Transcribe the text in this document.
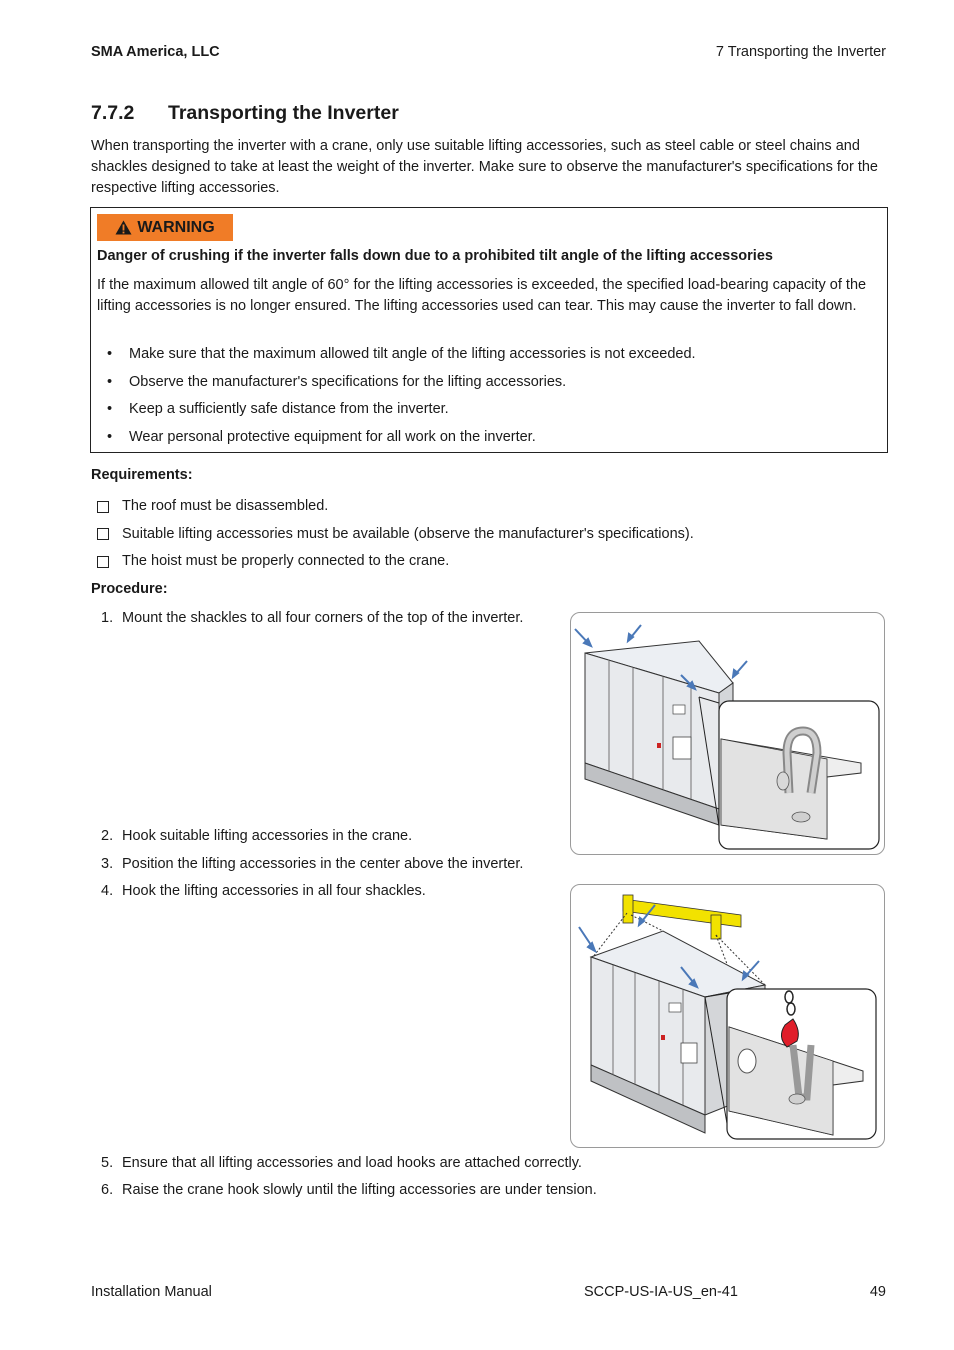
SMA America, LLC	7 Transporting the Inverter
7.7.2 Transporting the Inverter
When transporting the inverter with a crane, only use suitable lifting accessories, such as steel cable or steel chains and shackles designed to take at least the weight of the inverter. Make sure to observe the manufacturer's specifications for the respective lifting accessories.
WARNING
Danger of crushing if the inverter falls down due to a prohibited tilt angle of the lifting accessories
If the maximum allowed tilt angle of 60° for the lifting accessories is exceeded, the specified load-bearing capacity of the lifting accessories is no longer ensured. The lifting accessories used can tear. This may cause the inverter to fall down.
• Make sure that the maximum allowed tilt angle of the lifting accessories is not exceeded.
• Observe the manufacturer's specifications for the lifting accessories.
• Keep a sufficiently safe distance from the inverter.
• Wear personal protective equipment for all work on the inverter.
Requirements:
The roof must be disassembled.
Suitable lifting accessories must be available (observe the manufacturer's specifications).
The hoist must be properly connected to the crane.
Procedure:
1. Mount the shackles to all four corners of the top of the inverter.
2. Hook suitable lifting accessories in the crane.
3. Position the lifting accessories in the center above the inverter.
4. Hook the lifting accessories in all four shackles.
5. Ensure that all lifting accessories and load hooks are attached correctly.
6. Raise the crane hook slowly until the lifting accessories are under tension.
Installation Manual	SCCP-US-IA-US_en-41	49
